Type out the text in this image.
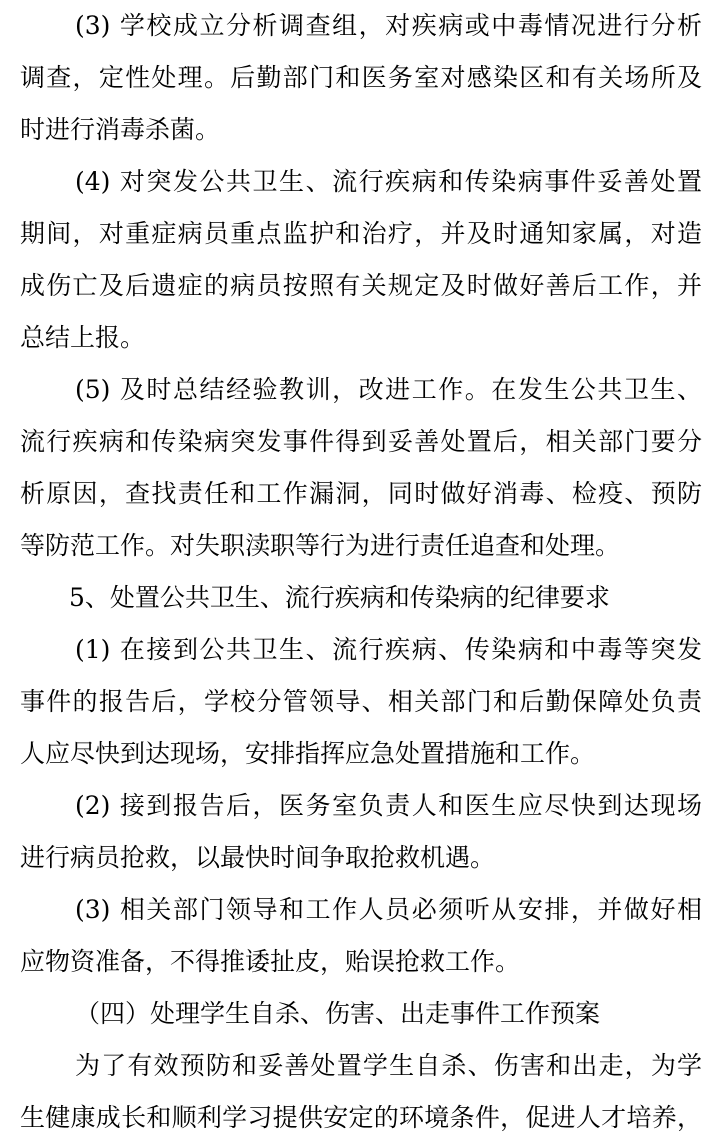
(3) 学校成立分析调查组，对疾病或中毒情况进行分析
调查，定性处理。后勤部门和医务室对感染区和有关场所及
时进行消毒杀菌。
(4) 对突发公共卫生、流行疾病和传染病事件妥善处置
期间，对重症病员重点监护和治疗，并及时通知家属，对造
成伤亡及后遗症的病员按照有关规定及时做好善后工作，并
总结上报。
(5) 及时总结经验教训，改进工作。在发生公共卫生、
流行疾病和传染病突发事件得到妥善处置后，相关部门要分
析原因，查找责任和工作漏洞，同时做好消毒、检疫、预防
等防范工作。对失职渎职等行为进行责任追查和处理。
5、处置公共卫生、流行疾病和传染病的纪律要求
(1) 在接到公共卫生、流行疾病、传染病和中毒等突发
事件的报告后，学校分管领导、相关部门和后勤保障处负责
人应尽快到达现场，安排指挥应急处置措施和工作。
(2) 接到报告后，医务室负责人和医生应尽快到达现场
进行病员抢救，以最快时间争取抢救机遇。
(3) 相关部门领导和工作人员必须听从安排，并做好相
应物资准备，不得推诿扯皮，贻误抢救工作。
（四）处理学生自杀、伤害、出走事件工作预案
为了有效预防和妥善处置学生自杀、伤害和出走，为学
生健康成长和顺利学习提供安定的环境条件，促进人才培养，
